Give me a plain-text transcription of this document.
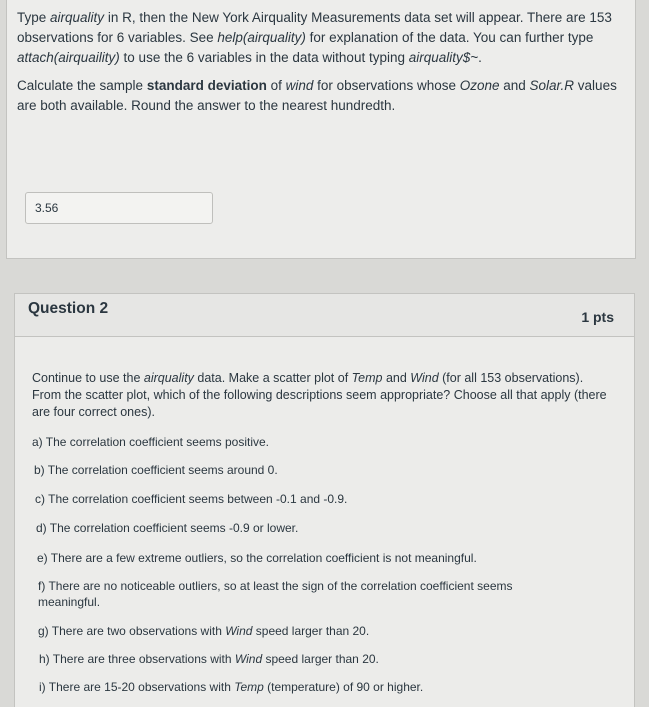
Type airquality in R, then the New York Airquality Measurements data set will appear. There are 153 observations for 6 variables. See help(airquality) for explanation of the data. You can further type attach(airquaility) to use the 6 variables in the data without typing airquality$~.

Calculate the sample standard deviation of wind for observations whose Ozone and Solar.R values are both available. Round the answer to the nearest hundredth.

3.56
Question 2	1 pts
Continue to use the airquality data. Make a scatter plot of Temp and Wind (for all 153 observations). From the scatter plot, which of the following descriptions seem appropriate? Choose all that apply (there are four correct ones).
a) The correlation coefficient seems positive.
b) The correlation coefficient seems around 0.
c) The correlation coefficient seems between -0.1 and -0.9.
d) The correlation coefficient seems -0.9 or lower.
e) There are a few extreme outliers, so the correlation coefficient is not meaningful.
f) There are no noticeable outliers, so at least the sign of the correlation coefficient seems meaningful.
g) There are two observations with Wind speed larger than 20.
h) There are three observations with Wind speed larger than 20.
i) There are 15-20 observations with Temp (temperature) of 90 or higher.
